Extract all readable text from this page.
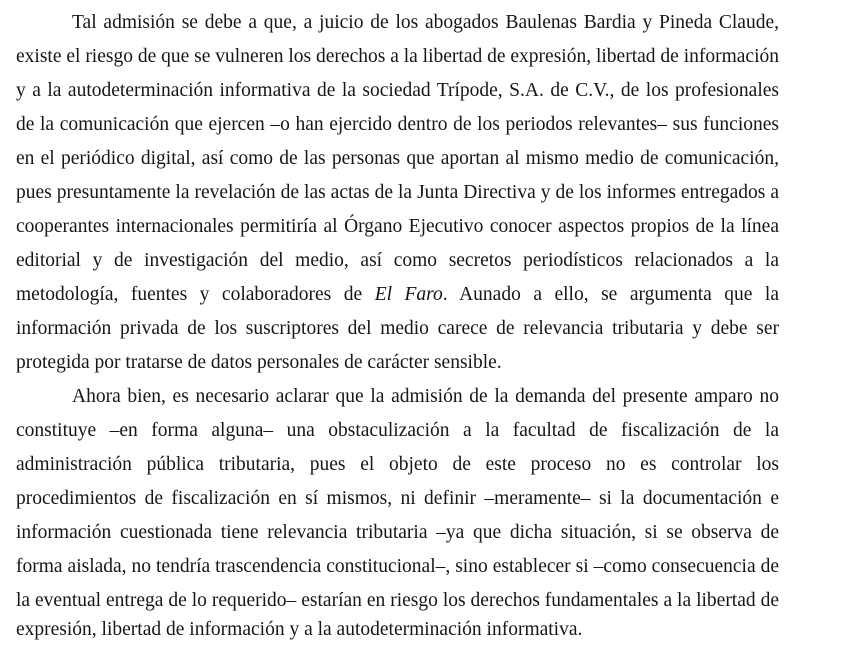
Tal admisión se debe a que, a juicio de los abogados Baulenas Bardia y Pineda Claude,
existe el riesgo de que se vulneren los derechos a la libertad de expresión, libertad de información
y a la autodeterminación informativa de la sociedad Trípode, S.A. de C.V., de los profesionales
de la comunicación que ejercen –o han ejercido dentro de los periodos relevantes– sus funciones
en el periódico digital, así como de las personas que aportan al mismo medio de comunicación,
pues presuntamente la revelación de las actas de la Junta Directiva y de los informes entregados a
cooperantes internacionales permitiría al Órgano Ejecutivo conocer aspectos propios de la línea
editorial y de investigación del medio, así como secretos periodísticos relacionados a la
metodología, fuentes y colaboradores de El Faro. Aunado a ello, se argumenta que la
información privada de los suscriptores del medio carece de relevancia tributaria y debe ser
protegida por tratarse de datos personales de carácter sensible.
Ahora bien, es necesario aclarar que la admisión de la demanda del presente amparo no
constituye –en forma alguna– una obstaculización a la facultad de fiscalización de la
administración pública tributaria, pues el objeto de este proceso no es controlar los
procedimientos de fiscalización en sí mismos, ni definir –meramente– si la documentación e
información cuestionada tiene relevancia tributaria –ya que dicha situación, si se observa de
forma aislada, no tendría trascendencia constitucional–, sino establecer si –como consecuencia de
la eventual entrega de lo requerido– estarían en riesgo los derechos fundamentales a la libertad de
expresión, libertad de información y a la autodeterminación informativa.
